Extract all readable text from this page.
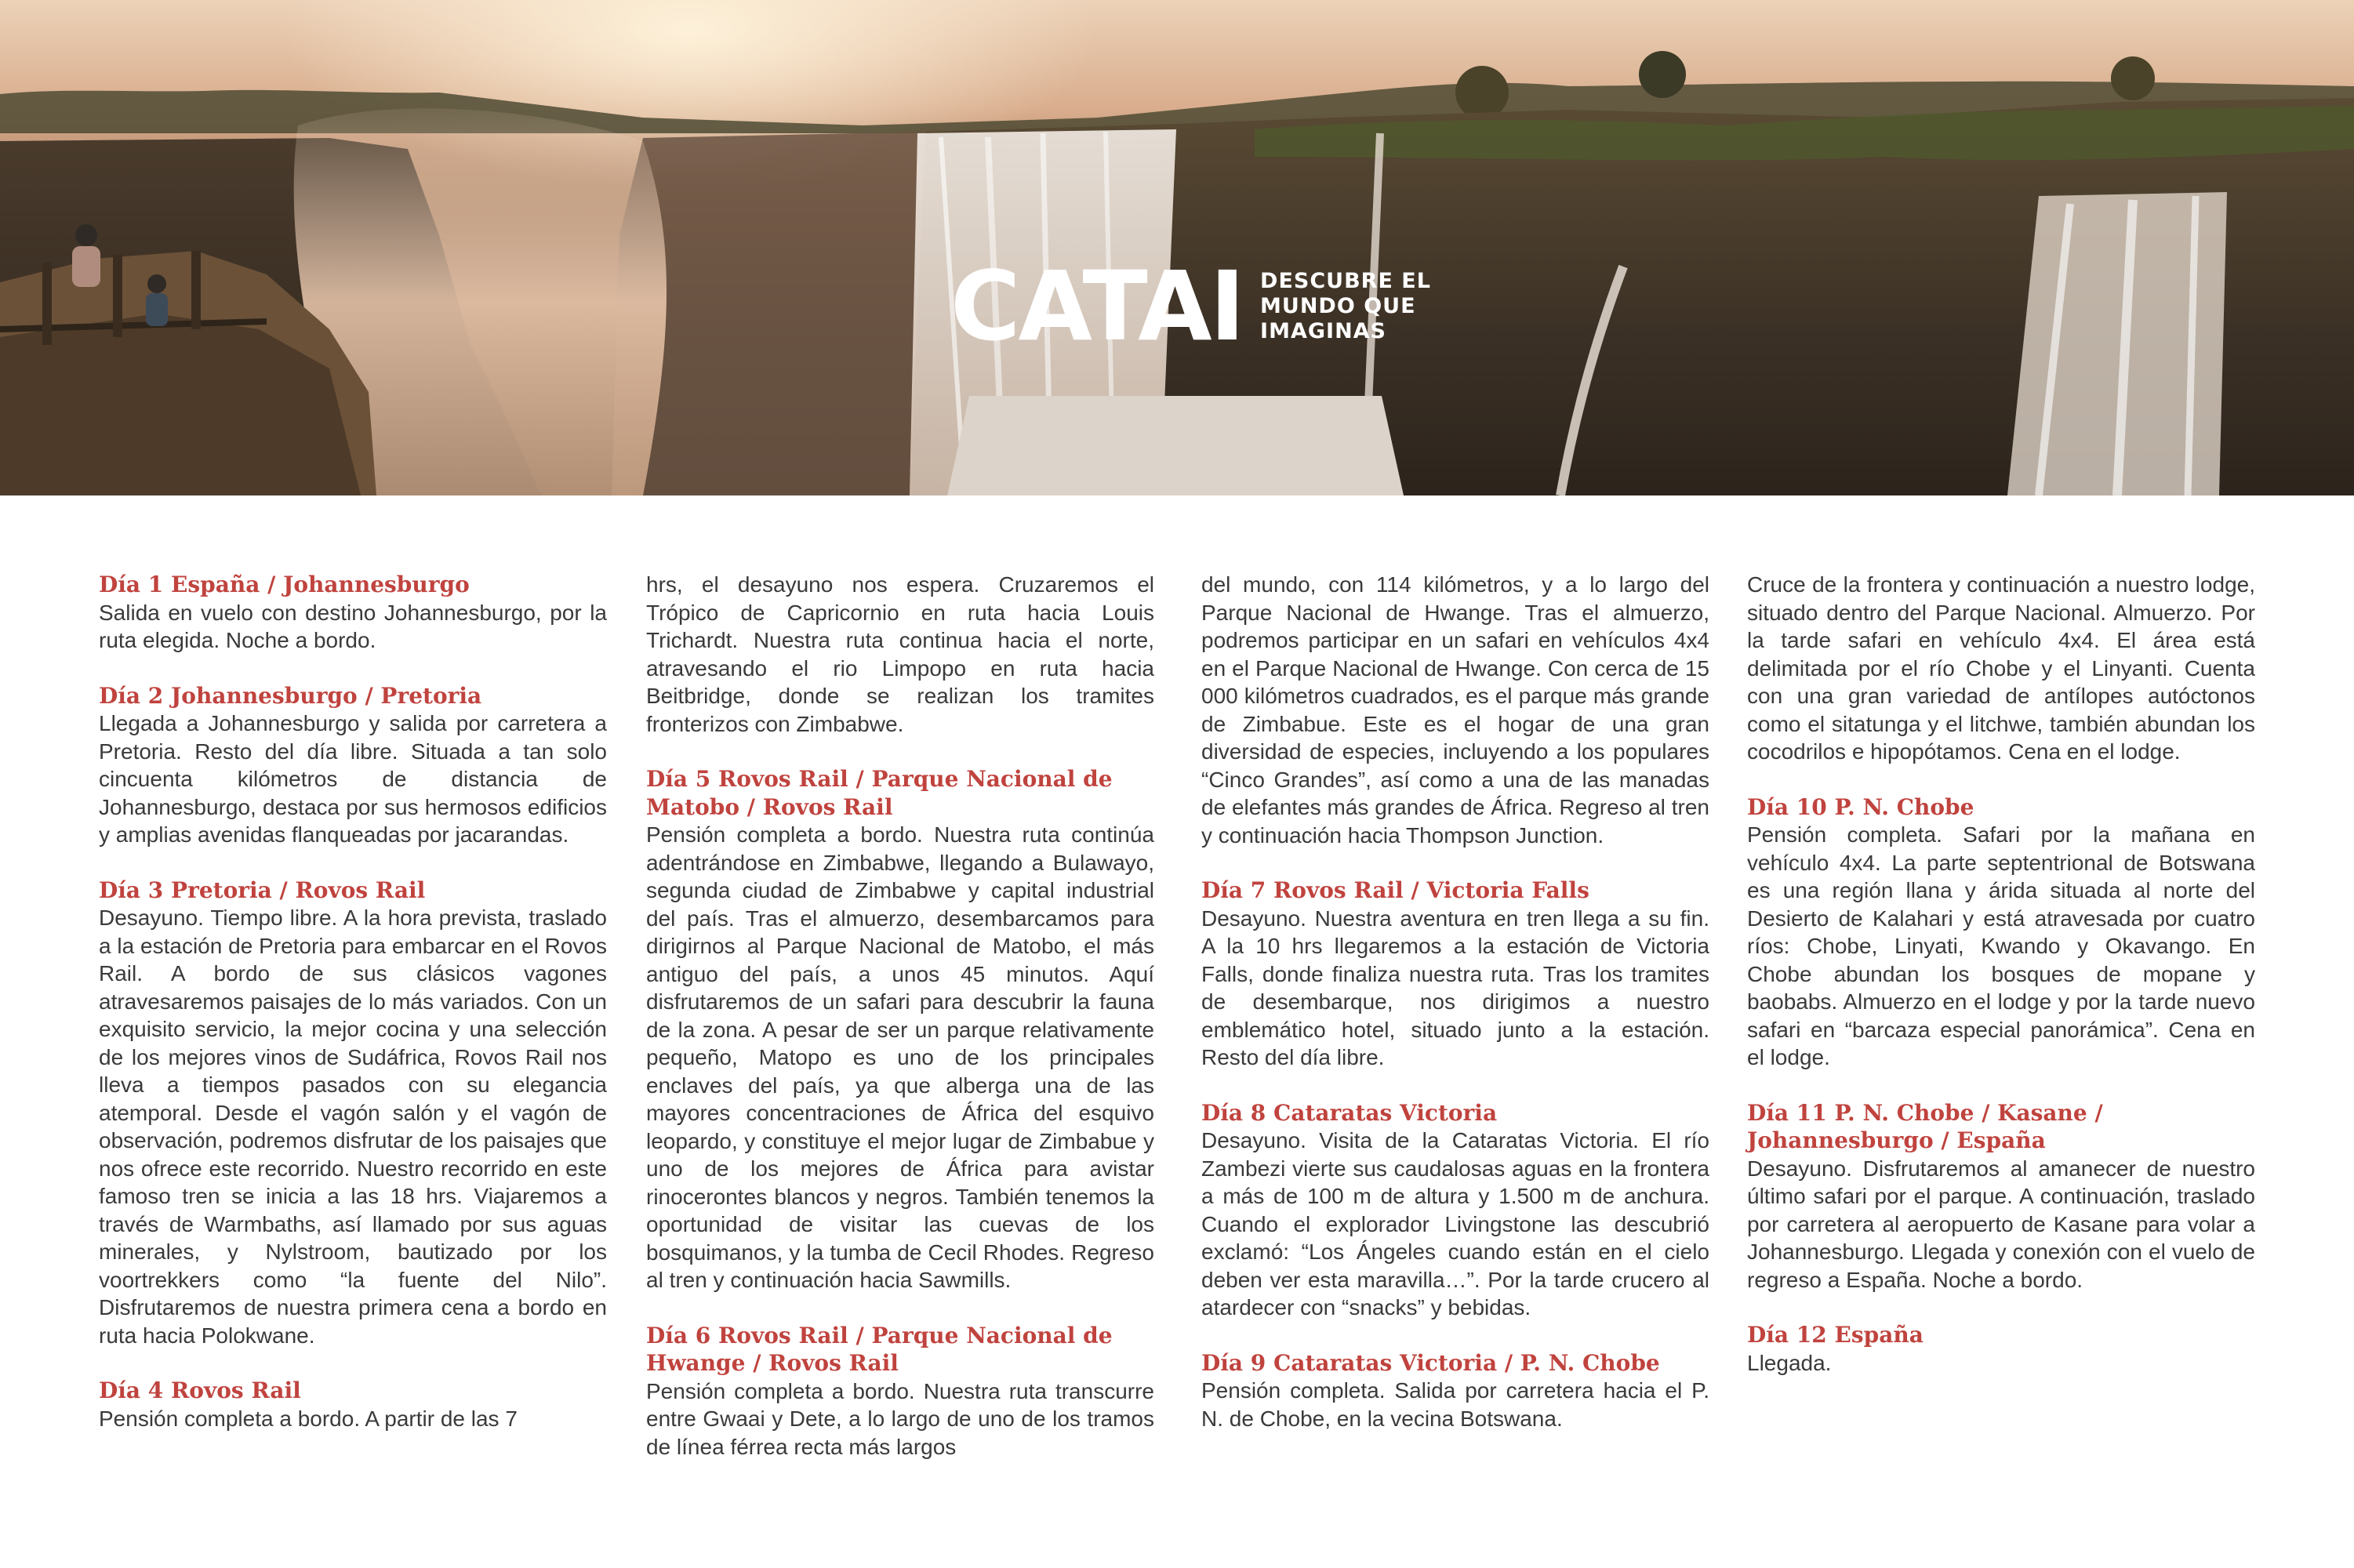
CATAI DESCUBRE EL
MUNDO QUE
IMAGINAS
Día 1 España / Johannesburgo

Salida en vuelo con destino Johannesburgo, por la ruta elegida. Noche a bordo.

Día 2 Johannesburgo / Pretoria

Llegada a Johannesburgo y salida por carretera a Pretoria. Resto del día libre. Situada a tan solo cincuenta kilómetros de distancia de Johannesburgo, destaca por sus hermosos edificios y amplias avenidas flanqueadas por jacarandas.

Día 3 Pretoria / Rovos Rail

Desayuno. Tiempo libre. A la hora prevista, traslado a la estación de Pretoria para embarcar en el Rovos Rail. A bordo de sus clásicos vagones atravesaremos paisajes de lo más variados. Con un exquisito servicio, la mejor cocina y una selección de los mejores vinos de Sudáfrica, Rovos Rail nos lleva a tiempos pasados con su elegancia atemporal. Desde el vagón salón y el vagón de observación, podremos disfrutar de los paisajes que nos ofrece este recorrido. Nuestro recorrido en este famoso tren se inicia a las 18 hrs. Viajaremos a través de Warmbaths, así llamado por sus aguas minerales, y Nylstroom, bautizado por los voortrekkers como “la fuente del Nilo”. Disfrutaremos de nuestra primera cena a bordo en ruta hacia Polokwane.

Día 4 Rovos Rail

Pensión completa a bordo. A partir de las 7

hrs, el desayuno nos espera. Cruzaremos el Trópico de Capricornio en ruta hacia Louis Trichardt. Nuestra ruta continua hacia el norte, atravesando el rio Limpopo en ruta hacia Beitbridge, donde se realizan los tramites fronterizos con Zimbabwe.

Día 5 Rovos Rail / Parque Nacional de Matobo / Rovos Rail

Pensión completa a bordo. Nuestra ruta continúa adentrándose en Zimbabwe, llegando a Bulawayo, segunda ciudad de Zimbabwe y capital industrial del país. Tras el almuerzo, desembarcamos para dirigirnos al Parque Nacional de Matobo, el más antiguo del país, a unos 45 minutos. Aquí disfrutaremos de un safari para descubrir la fauna de la zona. A pesar de ser un parque relativamente pequeño, Matopo es uno de los principales enclaves del país, ya que alberga una de las mayores concentraciones de África del esquivo leopardo, y constituye el mejor lugar de Zimbabue y uno de los mejores de África para avistar rinocerontes blancos y negros. También tenemos la oportunidad de visitar las cuevas de los bosquimanos, y la tumba de Cecil Rhodes. Regreso al tren y continuación hacia Sawmills.

Día 6 Rovos Rail / Parque Nacional de Hwange / Rovos Rail

Pensión completa a bordo. Nuestra ruta transcurre entre Gwaai y Dete, a lo largo de uno de los tramos de línea férrea recta más largos

del mundo, con 114 kilómetros, y a lo largo del Parque Nacional de Hwange. Tras el almuerzo, podremos participar en un safari en vehículos 4x4 en el Parque Nacional de Hwange. Con cerca de 15 000 kilómetros cuadrados, es el parque más grande de Zimbabue. Este es el hogar de una gran diversidad de especies, incluyendo a los populares “Cinco Grandes”, así como a una de las manadas de elefantes más grandes de África. Regreso al tren y continuación hacia Thompson Junction.

Día 7 Rovos Rail / Victoria Falls

Desayuno. Nuestra aventura en tren llega a su fin. A la 10 hrs llegaremos a la estación de Victoria Falls, donde finaliza nuestra ruta. Tras los tramites de desembarque, nos dirigimos a nuestro emblemático hotel, situado junto a la estación. Resto del día libre.

Día 8 Cataratas Victoria

Desayuno. Visita de la Cataratas Victoria. El río Zambezi vierte sus caudalosas aguas en la frontera a más de 100 m de altura y 1.500 m de anchura. Cuando el explorador Livingstone las descubrió exclamó: “Los Ángeles cuando están en el cielo deben ver esta maravilla…”. Por la tarde crucero al atardecer con “snacks” y bebidas.

Día 9 Cataratas Victoria / P. N. Chobe

Pensión completa. Salida por carretera hacia el P. N. de Chobe, en la vecina Botswana.

Cruce de la frontera y continuación a nuestro lodge, situado dentro del Parque Nacional. Almuerzo. Por la tarde safari en vehículo 4x4. El área está delimitada por el río Chobe y el Linyanti. Cuenta con una gran variedad de antílopes autóctonos como el sitatunga y el litchwe, también abundan los cocodrilos e hipopótamos. Cena en el lodge.

Día 10 P. N. Chobe

Pensión completa. Safari por la mañana en vehículo 4x4. La parte septentrional de Botswana es una región llana y árida situada al norte del Desierto de Kalahari y está atravesada por cuatro ríos: Chobe, Linyati, Kwando y Okavango. En Chobe abundan los bosques de mopane y baobabs. Almuerzo en el lodge y por la tarde nuevo safari en “barcaza especial panorámica”. Cena en el lodge.

Día 11 P. N. Chobe / Kasane / Johannesburgo / España

Desayuno. Disfrutaremos al amanecer de nuestro último safari por el parque. A continuación, traslado por carretera al aeropuerto de Kasane para volar a Johannesburgo. Llegada y conexión con el vuelo de regreso a España. Noche a bordo.

Día 12 España

Llegada.
